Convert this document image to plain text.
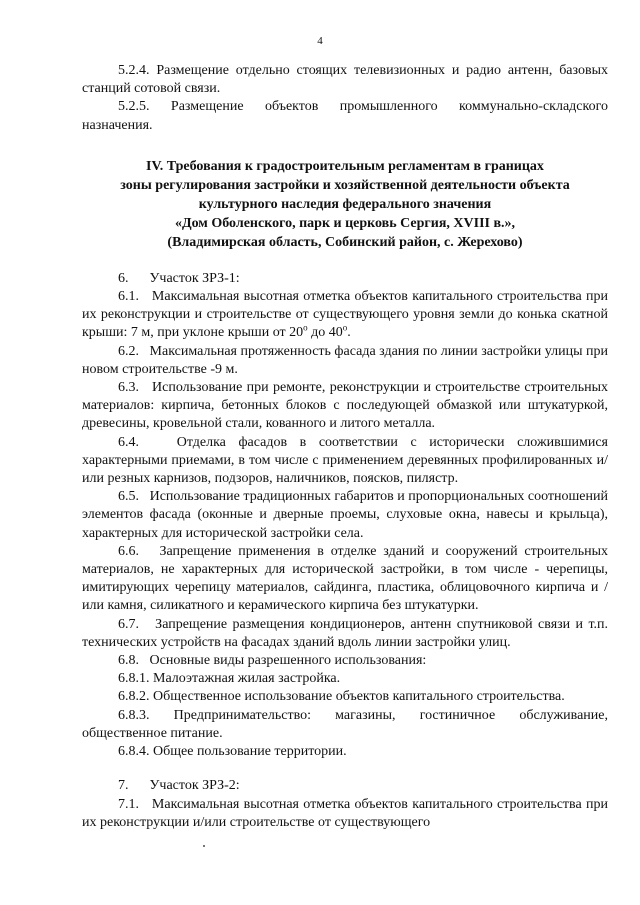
4

5.2.4. Размещение отдельно стоящих телевизионных и радио антенн, базовых станций сотовой связи.

5.2.5. Размещение объектов промышленного коммунально-складского назначения.

IV. Требования к градостроительным регламентам в границах
зоны регулирования застройки и хозяйственной деятельности объекта
культурного наследия федерального значения
«Дом Оболенского, парк и церковь Сергия, XVIII в.»,
(Владимирская область, Собинский район, с. Жерехово)

6.      Участок ЗРЗ-1:

6.1.   Максимальная высотная отметка объектов капитального строительства при их реконструкции и строительстве от существующего уровня земли до конька скатной крыши: 7 м, при уклоне крыши от $20^о$ до $40^о$.

6.2.   Максимальная протяженность фасада здания по линии застройки улицы при новом строительстве -9 м.

6.3.   Использование при ремонте, реконструкции и строительстве строительных материалов: кирпича, бетонных блоков с последующей обмазкой или штукатуркой, древесины, кровельной стали, кованного и литого металла.

6.4.   Отделка фасадов в соответствии с исторически сложившимися характерными приемами, в том числе с применением деревянных профилированных и/или резных карнизов, подзоров, наличников, поясков, пилястр.

6.5.   Использование традиционных габаритов и пропорциональных соотношений элементов фасада (оконные и дверные проемы, слуховые окна, навесы и крыльца), характерных для исторической застройки села.

6.6.   Запрещение применения в отделке зданий и сооружений строительных материалов, не характерных для исторической застройки, в том числе - черепицы, имитирующих черепицу материалов, сайдинга, пластика, облицовочного кирпича и /или камня, силикатного и керамического кирпича без штукатурки.

6.7.   Запрещение размещения кондиционеров, антенн спутниковой связи и т.п. технических устройств на фасадах зданий вдоль линии застройки улиц.

6.8.   Основные виды разрешенного использования:

6.8.1. Малоэтажная жилая застройка.

6.8.2. Общественное использование объектов капитального строительства.

6.8.3. Предпринимательство: магазины, гостиничное обслуживание, общественное питание.

6.8.4. Общее пользование территории.

7.      Участок ЗРЗ-2:

7.1.   Максимальная высотная отметка объектов капитального строительства при их реконструкции и/или строительстве от существующего
